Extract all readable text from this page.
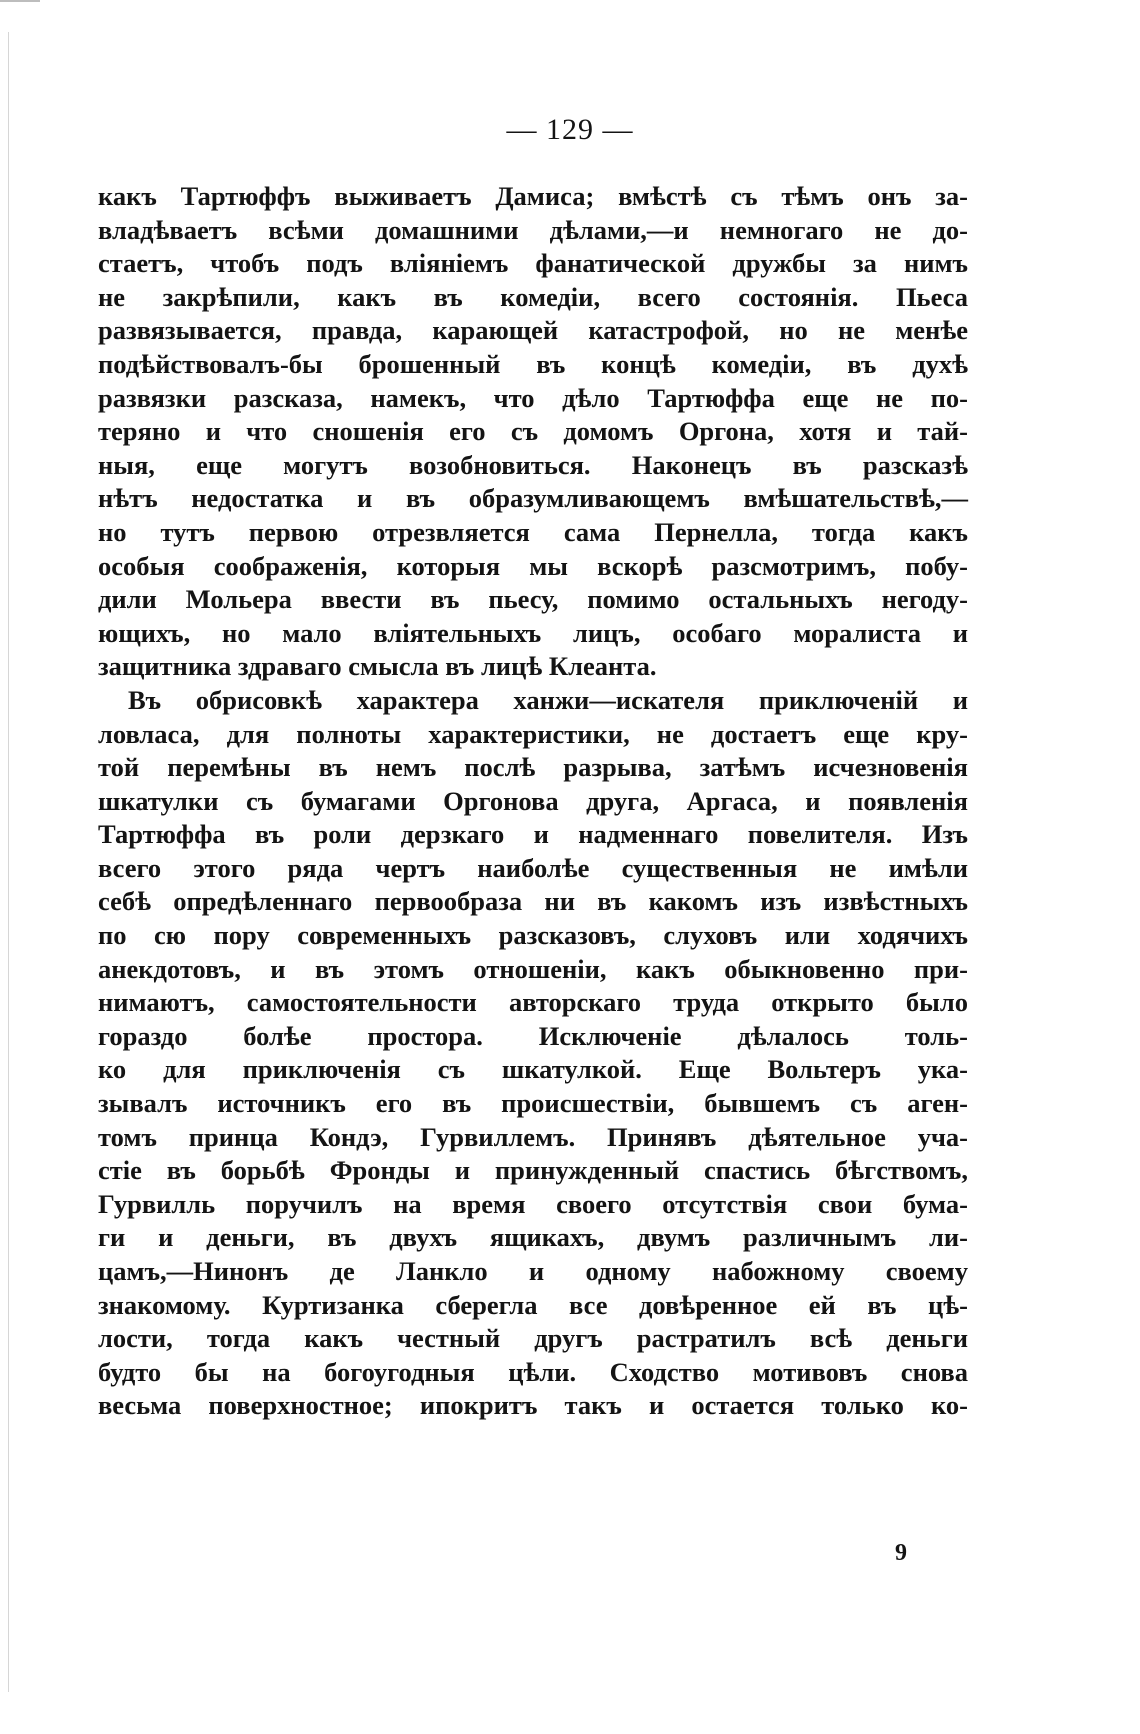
— 129 —
какъ Тартюффъ выживаетъ Дамиса; вмѣстѣ съ тѣмъ онъ за-
владѣваетъ всѣми домашними дѣлами,—и немногаго не до-
стаетъ, чтобъ подъ вліяніемъ фанатической дружбы за нимъ
не закрѣпили, какъ въ комедіи, всего состоянія. Пьеса
развязывается, правда, карающей катастрофой, но не менѣе
подѣйствовалъ-бы брошенный въ концѣ комедіи, въ духѣ
развязки разсказа, намекъ, что дѣло Тартюффа еще не по-
теряно и что сношенія его съ домомъ Оргона, хотя и тай-
ныя, еще могутъ возобновиться. Наконецъ въ разсказѣ
нѣтъ недостатка и въ образумливающемъ вмѣшательствѣ,—
но тутъ первою отрезвляется сама Пернелла, тогда какъ
особыя соображенія, которыя мы вскорѣ разсмотримъ, побу-
дили Мольера ввести въ пьесу, помимо остальныхъ негоду-
ющихъ, но мало вліятельныхъ лицъ, особаго моралиста и
защитника здраваго смысла въ лицѣ Клеанта.
Въ обрисовкѣ характера ханжи—искателя приключеній и
ловласа, для полноты характеристики, не достаетъ еще кру-
той перемѣны въ немъ послѣ разрыва, затѣмъ исчезновенія
шкатулки съ бумагами Оргонова друга, Аргаса, и появленія
Тартюффа въ роли дерзкаго и надменнаго повелителя. Изъ
всего этого ряда чертъ наиболѣе существенныя не имѣли
себѣ опредѣленнаго первообраза ни въ какомъ изъ извѣстныхъ
по сю пору современныхъ разсказовъ, слуховъ или ходячихъ
анекдотовъ, и въ этомъ отношеніи, какъ обыкновенно при-
нимаютъ, самостоятельности авторскаго труда открыто было
гораздо болѣе простора. Исключеніе дѣлалось толь-
ко для приключенія съ шкатулкой. Еще Вольтеръ ука-
зывалъ источникъ его въ происшествіи, бывшемъ съ аген-
томъ принца Кондэ, Гурвиллемъ. Принявъ дѣятельное уча-
стіе въ борьбѣ Фронды и принужденный спастись бѣгствомъ,
Гурвилль поручилъ на время своего отсутствія свои бума-
ги и деньги, въ двухъ ящикахъ, двумъ различнымъ ли-
цамъ,—Нинонъ де Ланкло и одному набожному своему
знакомому. Куртизанка сберегла все довѣренное ей въ цѣ-
лости, тогда какъ честный другъ растратилъ всѣ деньги
будто бы на богоугодныя цѣли. Сходство мотивовъ снова
весьма поверхностное; ипокритъ такъ и остается только ко-
9
